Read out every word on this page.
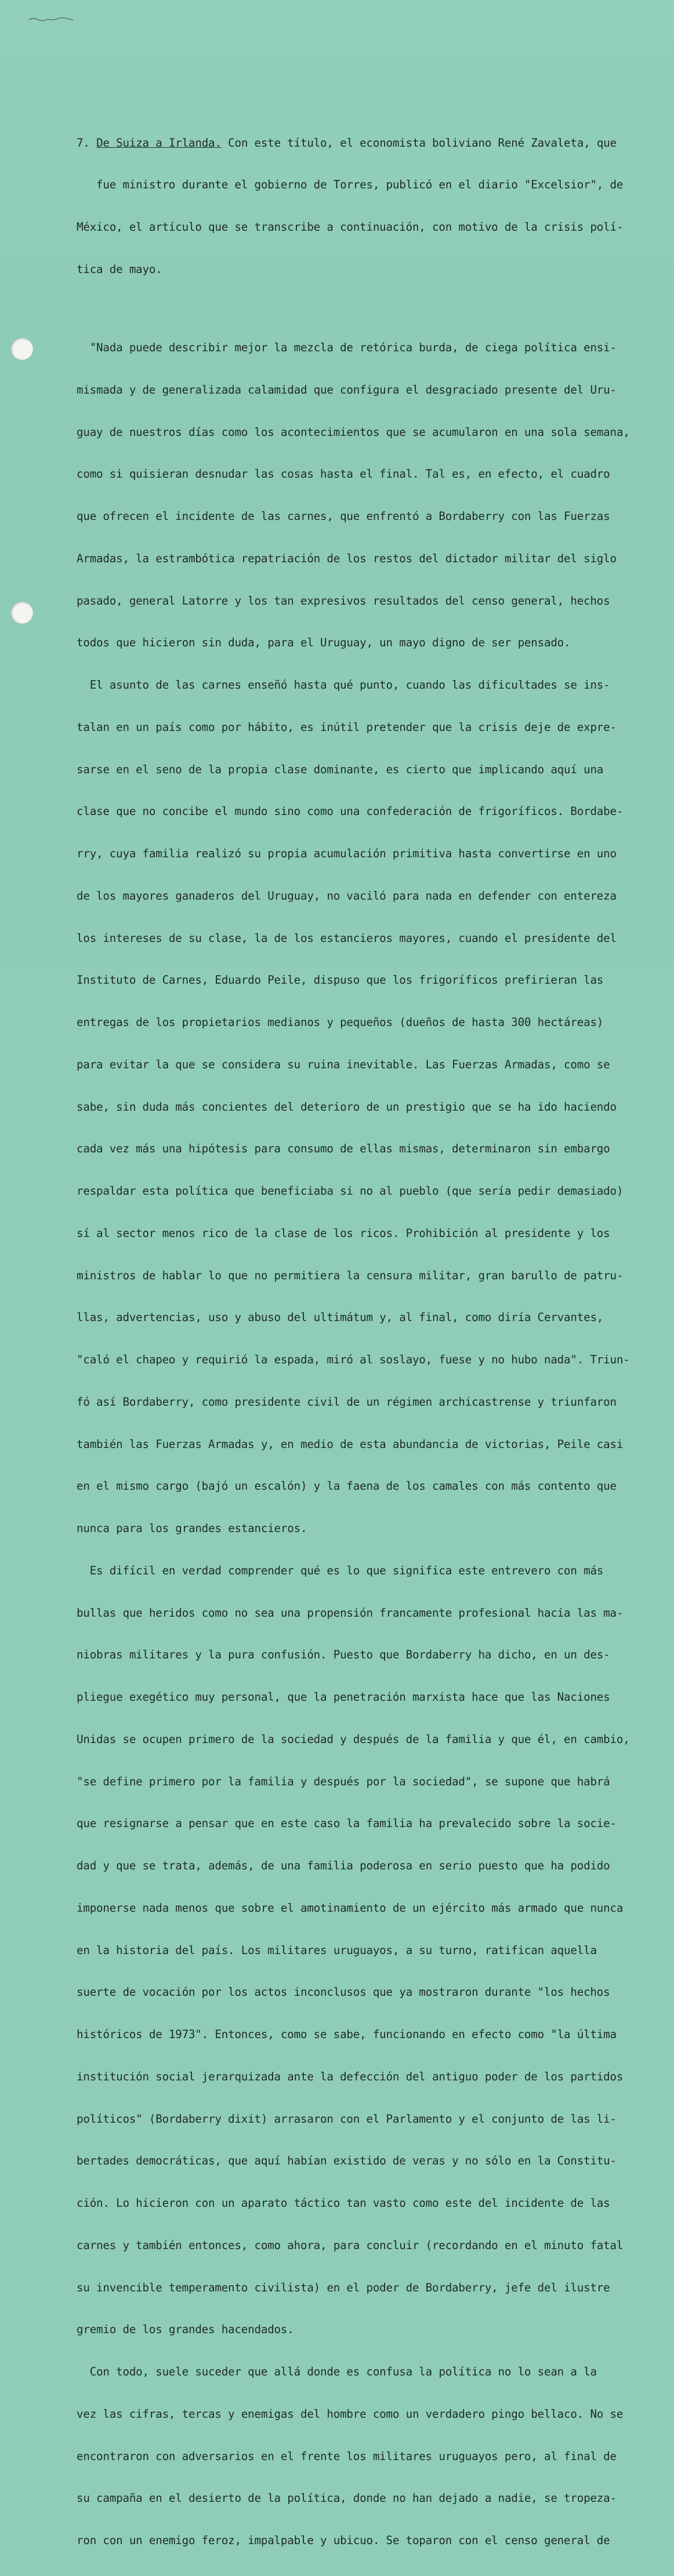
7. De Suiza a Irlanda. Con este título, el economista boliviano René Zavaleta, que

fue ministro durante el gobierno de Torres, publicó en el diario "Excelsior", de

México, el artículo que se transcribe a continuación, con motivo de la crisis polí-

tica de mayo.

"Nada puede describir mejor la mezcla de retórica burda, de ciega política ensi-

mismada y de generalizada calamidad que configura el desgraciado presente del Uru-

guay de nuestros días como los acontecimientos que se acumularon en una sola semana,

como si quisieran desnudar las cosas hasta el final. Tal es, en efecto, el cuadro

que ofrecen el incidente de las carnes, que enfrentó a Bordaberry con las Fuerzas

Armadas, la estrambótica repatriación de los restos del dictador militar del siglo

pasado, general Latorre y los tan expresivos resultados del censo general, hechos

todos que hicieron sin duda, para el Uruguay, un mayo digno de ser pensado.

El asunto de las carnes enseñó hasta qué punto, cuando las dificultades se ins-

talan en un país como por hábito, es inútil pretender que la crisis deje de expre-

sarse en el seno de la propia clase dominante, es cierto que implicando aquí una

clase que no concibe el mundo sino como una confederación de frigoríficos. Bordabe-

rry, cuya familia realizó su propia acumulación primitiva hasta convertirse en uno

de los mayores ganaderos del Uruguay, no vaciló para nada en defender con entereza

los intereses de su clase, la de los estancieros mayores, cuando el presidente del

Instituto de Carnes, Eduardo Peile, dispuso que los frigoríficos prefirieran las

entregas de los propietarios medianos y pequeños (dueños de hasta 300 hectáreas)

para evitar la que se considera su ruina inevitable. Las Fuerzas Armadas, como se

sabe, sin duda más concientes del deterioro de un prestigio que se ha ido haciendo

cada vez más una hipótesis para consumo de ellas mismas, determinaron sin embargo

respaldar esta política que beneficiaba si no al pueblo (que sería pedir demasiado)

sí al sector menos rico de la clase de los ricos. Prohibición al presidente y los

ministros de hablar lo que no permitiera la censura militar, gran barullo de patru-

llas, advertencias, uso y abuso del ultimátum y, al final, como diría Cervantes,

"caló el chapeo y requirió la espada, miró al soslayo, fuese y no hubo nada". Triun-

fó así Bordaberry, como presidente civil de un régimen archicastrense y triunfaron

también las Fuerzas Armadas y, en medio de esta abundancia de victorias, Peile casi

en el mismo cargo (bajó un escalón) y la faena de los camales con más contento que

nunca para los grandes estancieros.

Es difícil en verdad comprender qué es lo que significa este entrevero con más

bullas que heridos como no sea una propensión francamente profesional hacia las ma-

niobras militares y la pura confusión. Puesto que Bordaberry ha dicho, en un des-

pliegue exegético muy personal, que la penetración marxista hace que las Naciones

Unidas se ocupen primero de la sociedad y después de la familia y que él, en cambio,

"se define primero por la familia y después por la sociedad", se supone que habrá

que resignarse a pensar que en este caso la familia ha prevalecido sobre la socie-

dad y que se trata, además, de una familia poderosa en serio puesto que ha podido

imponerse nada menos que sobre el amotinamiento de un ejército más armado que nunca

en la historia del país. Los militares uruguayos, a su turno, ratifican aquella

suerte de vocación por los actos inconclusos que ya mostraron durante "los hechos

históricos de 1973". Entonces, como se sabe, funcionando en efecto como "la última

institución social jerarquizada ante la defección del antiguo poder de los partidos

políticos" (Bordaberry dixit) arrasaron con el Parlamento y el conjunto de las li-

bertades democráticas, que aquí habían existido de veras y no sólo en la Constitu-

ción. Lo hicieron con un aparato táctico tan vasto como este del incidente de las

carnes y también entonces, como ahora, para concluir (recordando en el minuto fatal

su invencible temperamento civilista) en el poder de Bordaberry, jefe del ilustre

gremio de los grandes hacendados.

Con todo, suele suceder que allá donde es confusa la política no lo sean a la

vez las cifras, tercas y enemigas del hombre como un verdadero pingo bellaco. No se

encontraron con adversarios en el frente los militares uruguayos pero, al final de

su campaña en el desierto de la política, donde no han dejado a nadie, se tropeza-

ron con un enemigo feroz, impalpable y ubicuo. Se toparon con el censo general de
